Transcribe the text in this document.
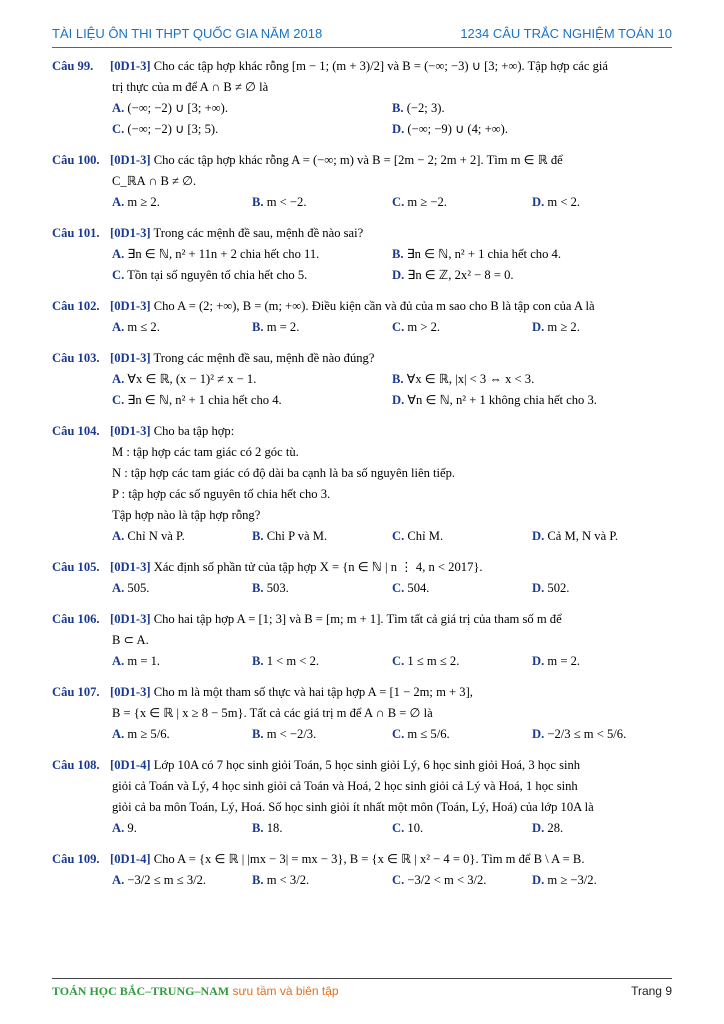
TÀI LIỆU ÔN THI THPT QUỐC GIA NĂM 2018	1234 CÂU TRẮC NGHIỆM TOÁN 10
Câu 99. [0D1-3] Cho các tập hợp khác rỗng [m − 1; (m + 3)/2] và B = (−∞; −3) ∪ [3; +∞). Tập hợp các giá
trị thực của m để A ∩ B ≠ ∅ là
A. (−∞; −2) ∪ [3; +∞).	B. (−2; 3).
C. (−∞; −2) ∪ [3; 5).	D. (−∞; −9) ∪ (4; +∞).
Câu 100. [0D1-3] Cho các tập hợp khác rỗng A = (−∞; m) và B = [2m − 2; 2m + 2]. Tìm m ∈ ℝ để
C_ℝA ∩ B ≠ ∅.
A. m ≥ 2.	B. m < −2.	C. m ≥ −2.	D. m < 2.
Câu 101. [0D1-3] Trong các mệnh đề sau, mệnh đề nào sai?
A. ∃n ∈ ℕ, n² + 11n + 2 chia hết cho 11.	B. ∃n ∈ ℕ, n² + 1 chia hết cho 4.
C. Tồn tại số nguyên tố chia hết cho 5.	D. ∃n ∈ ℤ, 2x² − 8 = 0.
Câu 102. [0D1-3] Cho A = (2; +∞), B = (m; +∞). Điều kiện cần và đủ của m sao cho B là tập con của A là
A. m ≤ 2.	B. m = 2.	C. m > 2.	D. m ≥ 2.
Câu 103. [0D1-3] Trong các mệnh đề sau, mệnh đề nào đúng?
A. ∀x ∈ ℝ, (x − 1)² ≠ x − 1.	B. ∀x ∈ ℝ, |x| < 3 ⇔ x < 3.
C. ∃n ∈ ℕ, n² + 1 chia hết cho 4.	D. ∀n ∈ ℕ, n² + 1 không chia hết cho 3.
Câu 104. [0D1-3] Cho ba tập hợp:
M : tập hợp các tam giác có 2 góc tù.
N : tập hợp các tam giác có độ dài ba cạnh là ba số nguyên liên tiếp.
P : tập hợp các số nguyên tố chia hết cho 3.
Tập hợp nào là tập hợp rỗng?
A. Chỉ N và P.	B. Chỉ P và M.	C. Chỉ M.	D. Cả M, N và P.
Câu 105. [0D1-3] Xác định số phần tử của tập hợp X = {n ∈ ℕ | n ⋮ 4, n < 2017}.
A. 505.	B. 503.	C. 504.	D. 502.
Câu 106. [0D1-3] Cho hai tập hợp A = [1; 3] và B = [m; m + 1]. Tìm tất cả giá trị của tham số m để
B ⊂ A.
A. m = 1.	B. 1 < m < 2.	C. 1 ≤ m ≤ 2.	D. m = 2.
Câu 107. [0D1-3] Cho m là một tham số thực và hai tập hợp A = [1 − 2m; m + 3],
B = {x ∈ ℝ | x ≥ 8 − 5m}. Tất cả các giá trị m để A ∩ B = ∅ là
A. m ≥ 5/6.	B. m < −2/3.	C. m ≤ 5/6.	D. −2/3 ≤ m < 5/6.
Câu 108. [0D1-4] Lớp 10A có 7 học sinh giỏi Toán, 5 học sinh giỏi Lý, 6 học sinh giỏi Hoá, 3 học sinh
giỏi cả Toán và Lý, 4 học sinh giỏi cả Toán và Hoá, 2 học sinh giỏi cả Lý và Hoá, 1 học sinh
giỏi cả ba môn Toán, Lý, Hoá. Số học sinh giỏi ít nhất một môn (Toán, Lý, Hoá) của lớp 10A là
A. 9.	B. 18.	C. 10.	D. 28.
Câu 109. [0D1-4] Cho A = {x ∈ ℝ | |mx − 3| = mx − 3}, B = {x ∈ ℝ | x² − 4 = 0}. Tìm m để B \ A = B.
A. −3/2 ≤ m ≤ 3/2.	B. m < 3/2.	C. −3/2 < m < 3/2.	D. m ≥ −3/2.
TOÁN HỌC BẮC–TRUNG–NAM sưu tầm và biên tập	Trang 9
